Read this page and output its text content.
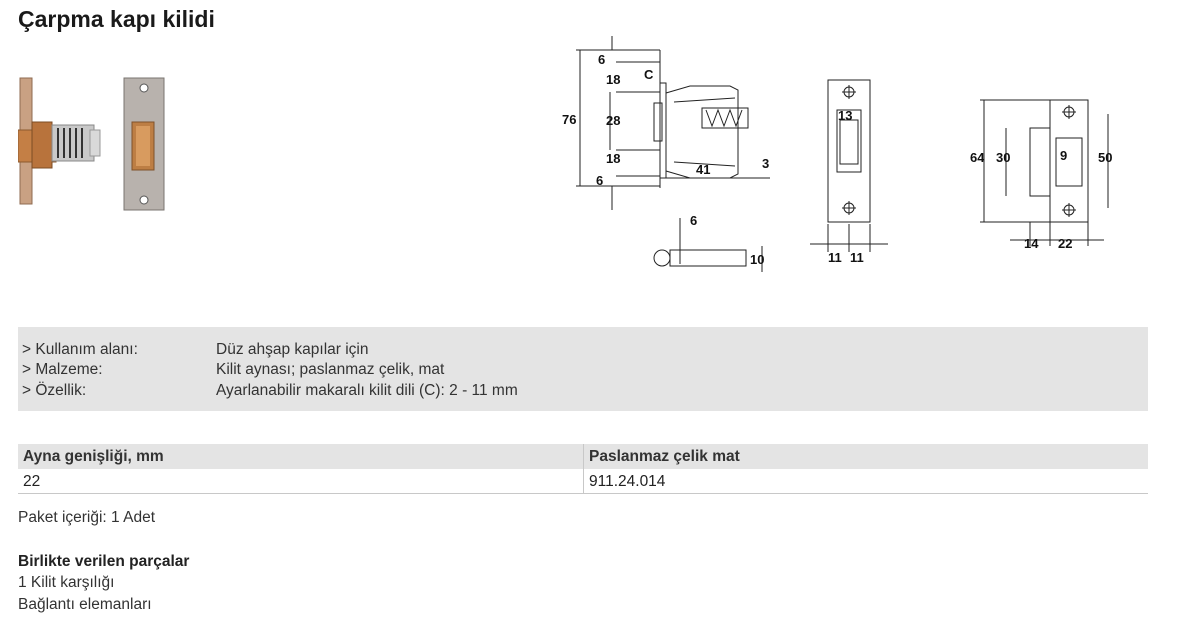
Çarpma kapı kilidi
6
18 C
76 28
18
6
41	3
6
10
13
11 11
64 30	9 50
14 22
> Kullanım alanı:	Düz ahşap kapılar için
> Malzeme:	Kilit aynası; paslanmaz çelik, mat
> Özellik:	Ayarlanabilir makaralı kilit dili (C): 2 - 11 mm
Ayna genişliği, mm	Paslanmaz çelik mat
22	911.24.014
Paket içeriği: 1 Adet
Birlikte verilen parçalar
1 Kilit karşılığı
Bağlantı elemanları
